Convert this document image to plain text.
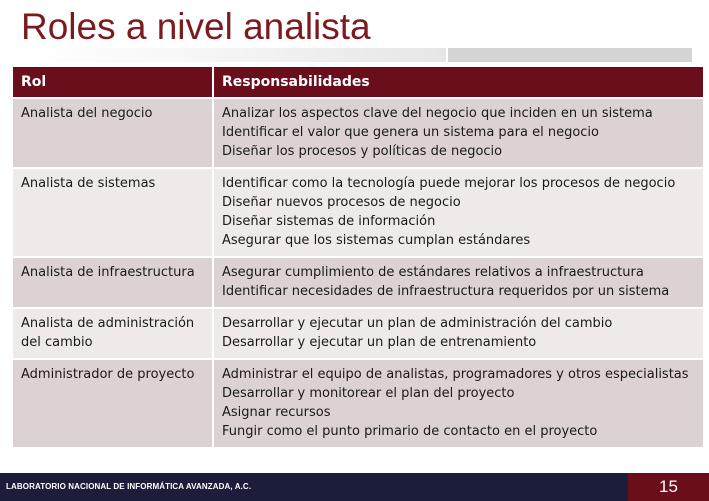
Roles a nivel analista
Rol	Responsabilidades

Analista del negocio	Analizar los aspectos clave del negocio que inciden en un sistema
Identificar el valor que genera un sistema para el negocio
Diseñar los procesos y políticas de negocio

Analista de sistemas	Identificar como la tecnología puede mejorar los procesos de negocio
Diseñar nuevos procesos de negocio
Diseñar sistemas de información
Asegurar que los sistemas cumplan estándares

Analista de infraestructura	Asegurar cumplimiento de estándares relativos a infraestructura
Identificar necesidades de infraestructura requeridos por un sistema

Analista de administración
del cambio	Desarrollar y ejecutar un plan de administración del cambio
Desarrollar y ejecutar un plan de entrenamiento

Administrador de proyecto	Administrar el equipo de analistas, programadores y otros especialistas
Desarrollar y monitorear el plan del proyecto
Asignar recursos
Fungir como el punto primario de contacto en el proyecto
LABORATORIO NACIONAL DE INFORMÁTICA AVANZADA, A.C.	15
